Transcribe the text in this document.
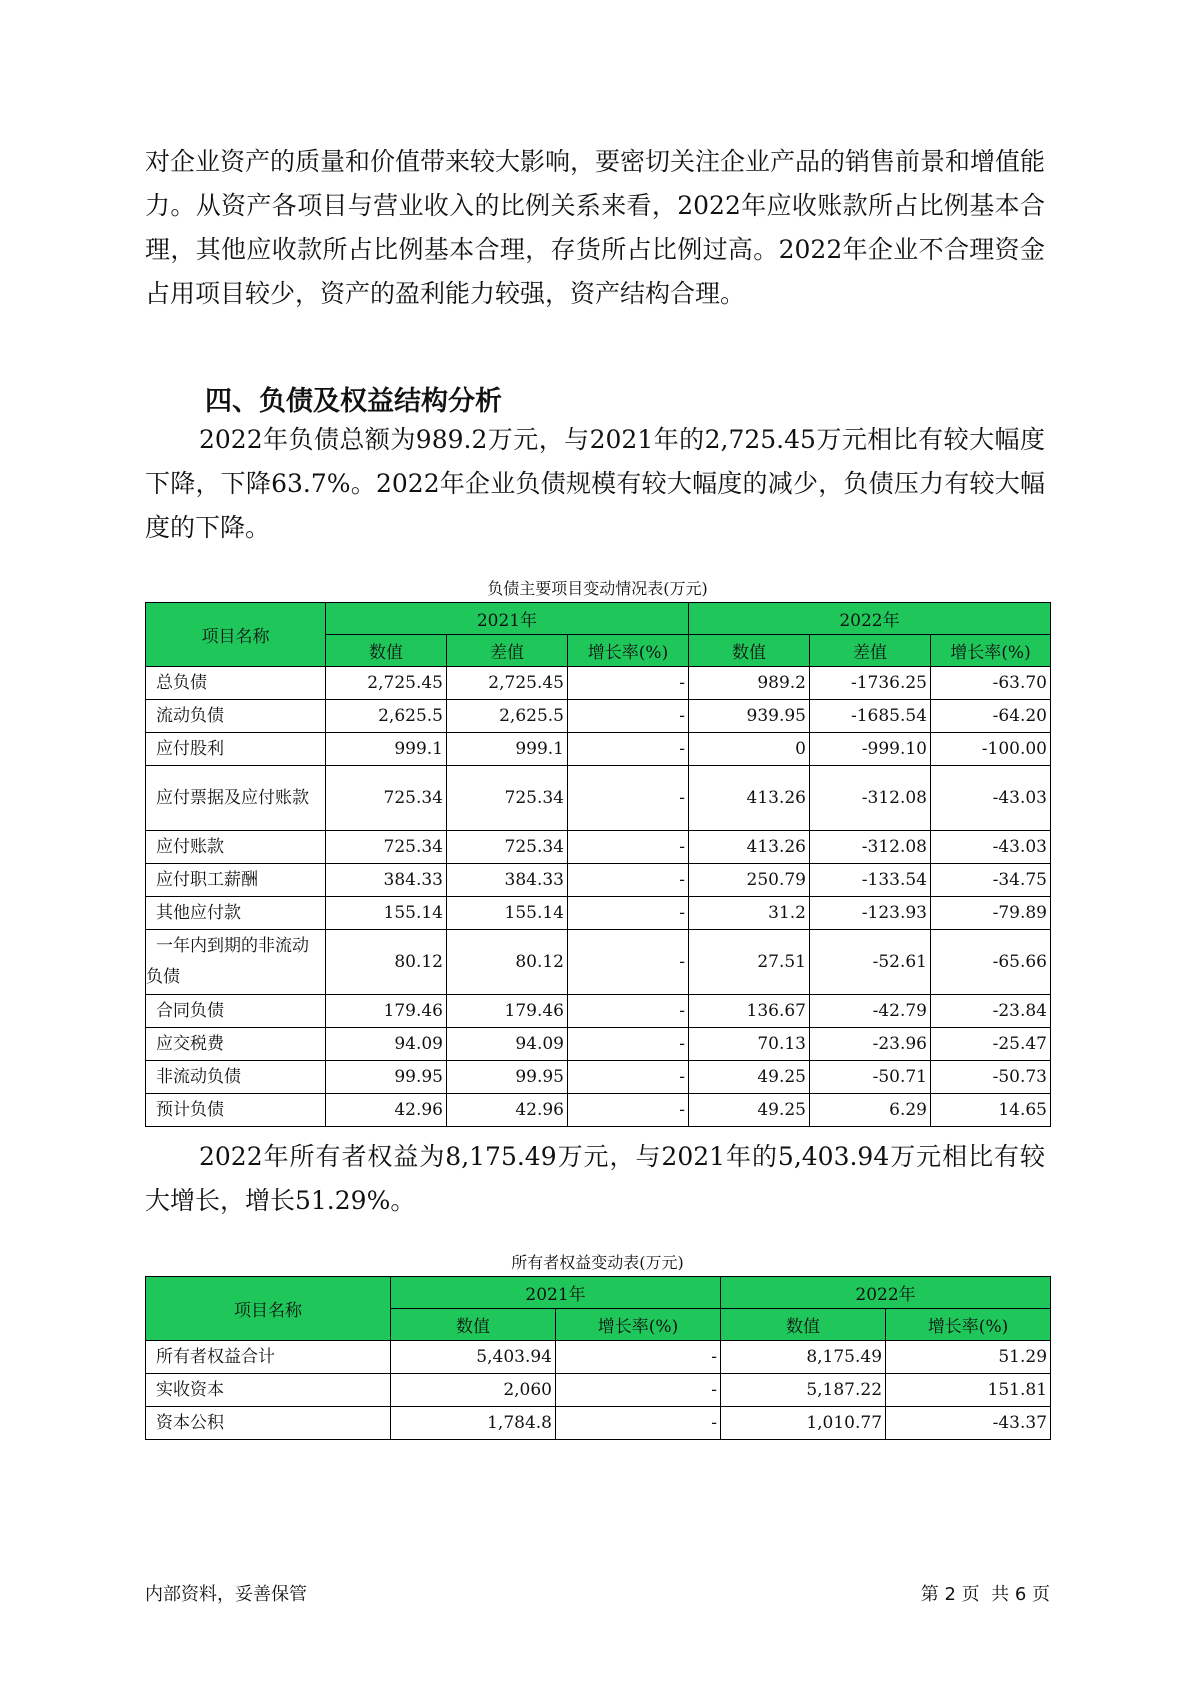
对企业资产的质量和价值带来较大影响，要密切关注企业产品的销售前景和增值能力。从资产各项目与营业收入的比例关系来看，2022年应收账款所占比例基本合理，其他应收款所占比例基本合理，存货所占比例过高。2022年企业不合理资金占用项目较少，资产的盈利能力较强，资产结构合理。

四、负债及权益结构分析

2022年负债总额为989.2万元，与2021年的2,725.45万元相比有较大幅度下降，下降63.7%。2022年企业负债规模有较大幅度的减少，负债压力有较大幅度的下降。

负债主要项目变动情况表(万元)
项目名称	2021年			2022年		
	数值	差值	增长率(%)	数值	差值	增长率(%)
总负债	2,725.45	2,725.45	-	989.2	-1736.25	-63.70
流动负债	2,625.5	2,625.5	-	939.95	-1685.54	-64.20
应付股利	999.1	999.1	-	0	-999.10	-100.00
应付票据及应付账款	725.34	725.34	-	413.26	-312.08	-43.03
应付账款	725.34	725.34	-	413.26	-312.08	-43.03
应付职工薪酬	384.33	384.33	-	250.79	-133.54	-34.75
其他应付款	155.14	155.14	-	31.2	-123.93	-79.89
一年内到期的非流动负债	80.12	80.12	-	27.51	-52.61	-65.66
合同负债	179.46	179.46	-	136.67	-42.79	-23.84
应交税费	94.09	94.09	-	70.13	-23.96	-25.47
非流动负债	99.95	99.95	-	49.25	-50.71	-50.73
预计负债	42.96	42.96	-	49.25	6.29	14.65

2022年所有者权益为8,175.49万元，与2021年的5,403.94万元相比有较大增长，增长51.29%。

所有者权益变动表(万元)
项目名称	2021年		2022年	
	数值	增长率(%)	数值	增长率(%)
所有者权益合计	5,403.94	-	8,175.49	51.29
实收资本	2,060	-	5,187.22	151.81
资本公积	1,784.8	-	1,010.77	-43.37
内部资料，妥善保管	第 2 页  共 6 页
